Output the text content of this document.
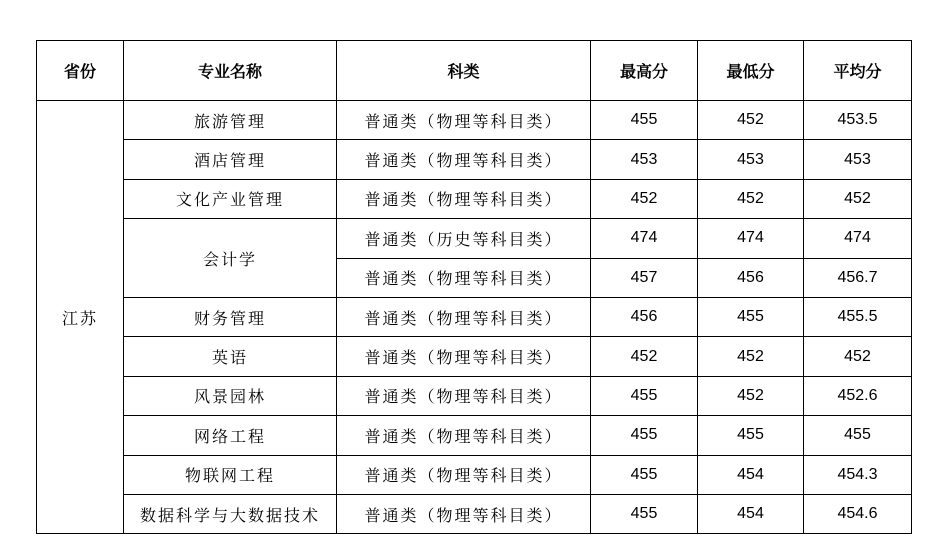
省份	专业名称	科类	最高分	最低分	平均分
江苏	旅游管理	普通类（物理等科目类）	455	452	453.5
	酒店管理	普通类（物理等科目类）	453	453	453
	文化产业管理	普通类（物理等科目类）	452	452	452
	会计学	普通类（历史等科目类）	474	474	474
		普通类（物理等科目类）	457	456	456.7
	财务管理	普通类（物理等科目类）	456	455	455.5
	英语	普通类（物理等科目类）	452	452	452
	风景园林	普通类（物理等科目类）	455	452	452.6
	网络工程	普通类（物理等科目类）	455	455	455
	物联网工程	普通类（物理等科目类）	455	454	454.3
	数据科学与大数据技术	普通类（物理等科目类）	455	454	454.6
